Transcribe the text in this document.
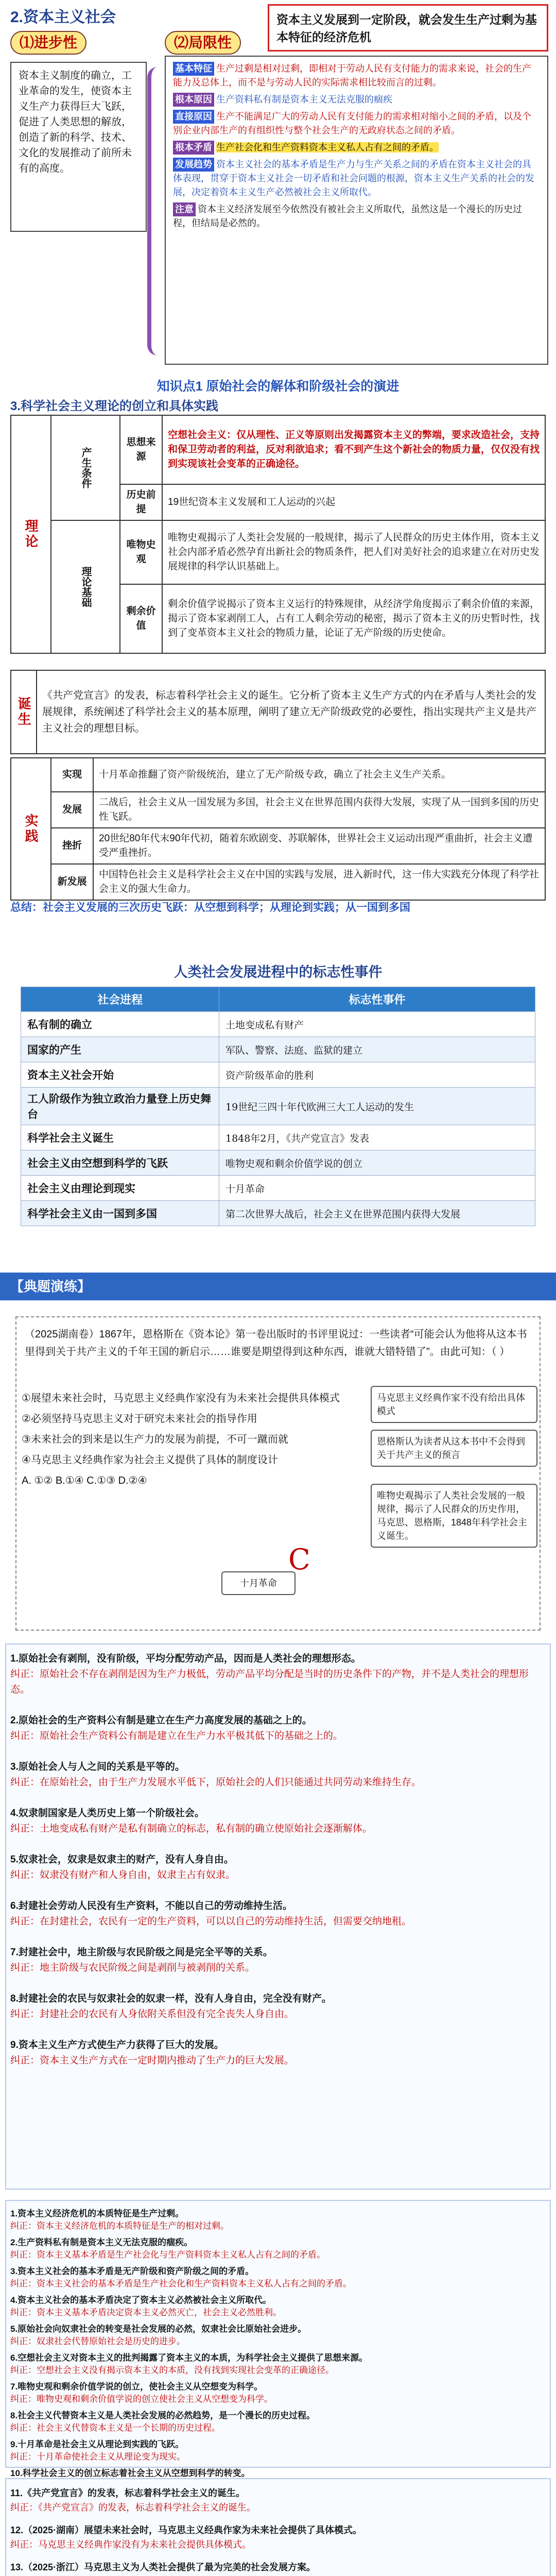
2.资本主义社会
⑴进步性
资本主义制度的确立，工业革命的发生，使资本主义生产力获得巨大飞跃，促进了人类思想的解放，创造了新的科学、技术、文化的发展推动了前所未有的高度。
⑵局限性
资本主义发展到一定阶段，就会发生生产过剩为基本特征的经济危机
基本特征 生产过剩是相对过剩，即相对于劳动人民有支付能力的需求来说，社会的生产能力及总体上，而不是与劳动人民的实际需求相比较而言的过剩。
根本原因 生产资料私有制是资本主义无法克服的痼疾
直接原因 生产不能满足广大的劳动人民有支付能力的需求相对缩小之间的矛盾，以及个别企业内部生产的有组织性与整个社会生产的无政府状态之间的矛盾。
根本矛盾 生产社会化和生产资料资本主义私人占有之间的矛盾。
发展趋势 资本主义社会的基本矛盾是生产力与生产关系之间的矛盾在资本主义社会的具体表现，贯穿于资本主义社会一切矛盾和社会问题的根源，资本主义生产关系的社会的发展，决定着资本主义生产必然被社会主义所取代。
注意 资本主义经济发展至今依然没有被社会主义所取代，虽然这是一个漫长的历史过程，但结局是必然的。
知识点1 原始社会的解体和阶级社会的演进
3.科学社会主义理论的创立和具体实践
理论	产生条件	思想来源	空想社会主义：仅从理性、正义等原则出发揭露资本主义的弊端，要求改造社会，支持和保卫劳动者的利益，反对利欲追求；看不到产生这个新社会的物质力量，仅仅没有找到实现该社会变革的正确途径。
		历史前提	19世纪资本主义发展和工人运动的兴起
	理论基础	唯物史观	唯物史观揭示了人类社会发展的一般规律，揭示了人民群众的历史主体作用，资本主义社会内部矛盾必然孕育出新社会的物质条件，把人们对美好社会的追求建立在对历史发展规律的科学认识基础上。
		剩余价值	剩余价值学说揭示了资本主义运行的特殊规律，从经济学角度揭示了剩余价值的来源，揭示了资本家剥削工人，占有工人剩余劳动的秘密，揭示了资本主义的历史暂时性，找到了变革资本主义社会的物质力量，论证了无产阶级的历史使命。
诞生	《共产党宣言》的发表，标志着科学社会主义的诞生。它分析了资本主义生产方式的内在矛盾与人类社会的发展规律，系统阐述了科学社会主义的基本原理，阐明了建立无产阶级政党的必要性，指出实现共产主义是共产主义社会的理想目标。
实践	实现	十月革命推翻了资产阶级统治，建立了无产阶级专政，确立了社会主义生产关系。
	发展	二战后，社会主义从一国发展为多国，社会主义在世界范围内获得大发展，实现了从一国到多国的历史性飞跃。
	挫折	20世纪80年代末90年代初，随着东欧剧变、苏联解体，世界社会主义运动出现严重曲折，社会主义遭受严重挫折。
	新发展	中国特色社会主义是科学社会主义在中国的实践与发展，进入新时代，这一伟大实践充分体现了科学社会主义的强大生命力。
总结：社会主义发展的三次历史飞跃：从空想到科学；从理论到实践；从一国到多国
人类社会发展进程中的标志性事件
社会进程	标志性事件
私有制的确立	土地变成私有财产
国家的产生	军队、警察、法庭、监狱的建立
资本主义社会开始	资产阶级革命的胜利
工人阶级作为独立政治力量登上历史舞台	19世纪三四十年代欧洲三大工人运动的发生
科学社会主义诞生	1848年2月，《共产党宣言》发表
社会主义由空想到科学的飞跃	唯物史观和剩余价值学说的创立
社会主义由理论到现实	十月革命
科学社会主义由一国到多国	第二次世界大战后，社会主义在世界范围内获得大发展
【典题演练】
（2025湖南卷）1867年，恩格斯在《资本论》第一卷出版时的书评里说过：一些读者“可能会认为他将从这本书里得到关于共产主义的千年王国的新启示……谁要是期望得到这种东西，谁就大错特错了”。由此可知：（ ）
①展望未来社会时，马克思主义经典作家没有为未来社会提供具体模式
②必须坚持马克思主义对于研究未来社会的指导作用
③未来社会的到来是以生产力的发展为前提，不可一蹴而就
④马克思主义经典作家为社会主义提供了具体的制度设计
A. ①② B.①④ C.①③ D.②④
马克思主义经典作家不没有给出具体模式
恩格斯认为读者从这本书中不会得到关于共产主义的预言
唯物史观揭示了人类社会发展的一般规律，揭示了人民群众的历史作用，马克思、恩格斯，1848年科学社会主义诞生。
十月革命
C
1.原始社会有剥削，没有阶级，平均分配劳动产品，因而是人类社会的理想形态。
纠正：原始社会不存在剥削是因为生产力极低，劳动产品平均分配是当时的历史条件下的产物，并不是人类社会的理想形态。
2.原始社会的生产资料公有制是建立在生产力高度发展的基础之上的。
纠正：原始社会生产资料公有制是建立在生产力水平极其低下的基础之上的。
3.原始社会人与人之间的关系是平等的。
纠正：在原始社会，由于生产力发展水平低下，原始社会的人们只能通过共同劳动来维持生存。
4.奴隶制国家是人类历史上第一个阶级社会。
纠正：土地变成私有财产是私有制确立的标志，私有制的确立使原始社会逐渐解体。
5.奴隶社会，奴隶是奴隶主的财产，没有人身自由。
纠正：奴隶没有财产和人身自由，奴隶主占有奴隶。
6.封建社会劳动人民没有生产资料，不能以自己的劳动维持生活。
纠正：在封建社会，农民有一定的生产资料，可以以自己的劳动维持生活，但需要交纳地租。
7.封建社会中，地主阶级与农民阶级之间是完全平等的关系。
纠正：地主阶级与农民阶级之间是剥削与被剥削的关系。
8.封建社会的农民与奴隶社会的奴隶一样，没有人身自由，完全没有财产。
纠正：封建社会的农民有人身依附关系但没有完全丧失人身自由。
9.资本主义生产方式使生产力获得了巨大的发展。
纠正：资本主义生产方式在一定时期内推动了生产力的巨大发展。
1.资本主义经济危机的本质特征是生产过剩。
纠正：资本主义经济危机的本质特征是生产的相对过剩。
2.生产资料私有制是资本主义无法克服的痼疾。
纠正：资本主义基本矛盾是生产社会化与生产资料资本主义私人占有之间的矛盾。
3.资本主义社会的基本矛盾是无产阶级和资产阶级之间的矛盾。
纠正：资本主义社会的基本矛盾是生产社会化和生产资料资本主义私人占有之间的矛盾。
4.资本主义社会的基本矛盾决定了资本主义必然被社会主义所取代。
纠正：资本主义基本矛盾决定资本主义必然灭亡，社会主义必然胜利。
5.原始社会向奴隶社会的转变是社会发展的必然，奴隶社会比原始社会进步。
纠正：奴隶社会代替原始社会是历史的进步。
6.空想社会主义对资本主义的批判揭露了资本主义的本质，为科学社会主义提供了思想来源。
纠正：空想社会主义没有揭示资本主义的本质，没有找到实现社会变革的正确途径。
7.唯物史观和剩余价值学说的创立，使社会主义从空想变为科学。
纠正：唯物史观和剩余价值学说的创立使社会主义从空想变为科学。
8.社会主义代替资本主义是人类社会发展的必然趋势，是一个漫长的历史过程。
纠正：社会主义代替资本主义是一个长期的历史过程。
9.十月革命是社会主义从理论到实践的飞跃。
纠正：十月革命使社会主义从理论变为现实。
10.科学社会主义的创立标志着社会主义从空想到科学的转变。
11.《共产党宣言》的发表，标志着科学社会主义的诞生。
纠正：《共产党宣言》的发表，标志着科学社会主义的诞生。
12.（2025·湖南）展望未来社会时，马克思主义经典作家为未来社会提供了具体模式。
纠正：马克思主义经典作家没有为未来社会提供具体模式。
13.（2025·浙江）马克思主义为人类社会提供了最为完美的社会发展方案。
